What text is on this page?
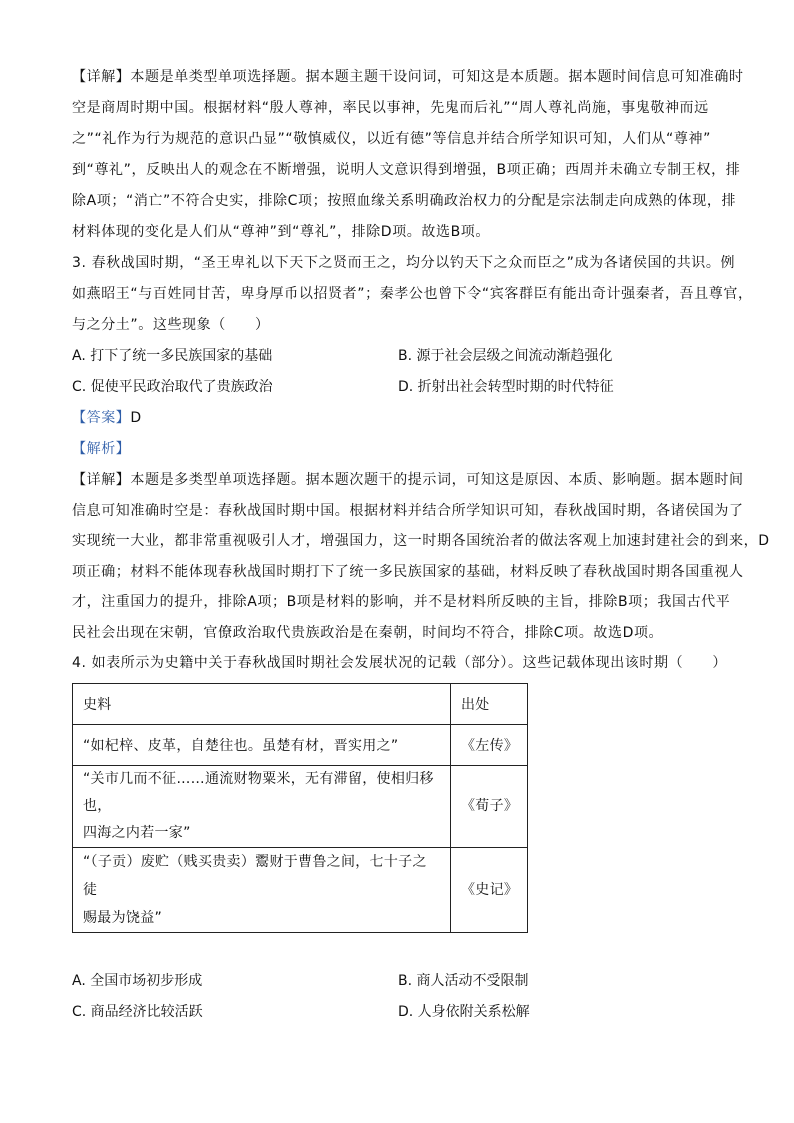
【详解】本题是单类型单项选择题。据本题主题干设问词，可知这是本质题。据本题时间信息可知准确时

空是商周时期中国。根据材料“殷人尊神，率民以事神，先鬼而后礼”“周人尊礼尚施，事鬼敬神而远

之”“礼作为行为规范的意识凸显”“敬慎威仪，以近有德”等信息并结合所学知识可知，人们从“尊神”

到“尊礼”，反映出人的观念在不断增强，说明人文意识得到增强，B项正确；西周并未确立专制王权，排

除A项；“消亡”不符合史实，排除C项；按照血缘关系明确政治权力的分配是宗法制走向成熟的体现，排

材料体现的变化是人们从“尊神”到“尊礼”，排除D项。故选B项。

3. 春秋战国时期，“圣王卑礼以下天下之贤而王之，均分以钓天下之众而臣之”成为各诸侯国的共识。例

如燕昭王“与百姓同甘苦，卑身厚币以招贤者”；秦孝公也曾下令“宾客群臣有能出奇计强秦者，吾且尊官，

与之分土”。这些现象（　　）

A. 打下了统一多民族国家的基础	B. 源于社会层级之间流动渐趋强化
C. 促使平民政治取代了贵族政治	D. 折射出社会转型时期的时代特征

【答案】D

【解析】

【详解】本题是多类型单项选择题。据本题次题干的提示词，可知这是原因、本质、影响题。据本题时间

信息可知准确时空是：春秋战国时期中国。根据材料并结合所学知识可知，春秋战国时期，各诸侯国为了

实现统一大业，都非常重视吸引人才，增强国力，这一时期各国统治者的做法客观上加速封建社会的到来，D

项正确；材料不能体现春秋战国时期打下了统一多民族国家的基础，材料反映了春秋战国时期各国重视人

才，注重国力的提升，排除A项；B项是材料的影响，并不是材料所反映的主旨，排除B项；我国古代平

民社会出现在宋朝，官僚政治取代贵族政治是在秦朝，时间均不符合，排除C项。故选D项。

4. 如表所示为史籍中关于春秋战国时期社会发展状况的记载（部分）。这些记载体现出该时期（　　）

史料	出处
“如杞梓、皮革，自楚往也。虽楚有材，晋实用之”	《左传》

“关市几而不征……通流财物粟米，无有滞留，使相归移也，
四海之内若一家”	《荀子》

“（子贡）废贮（贱买贵卖）鬻财于曹鲁之间，七十子之徒
赐最为饶益”	《史记》
A. 全国市场初步形成	B. 商人活动不受限制
C. 商品经济比较活跃	D. 人身依附关系松解
